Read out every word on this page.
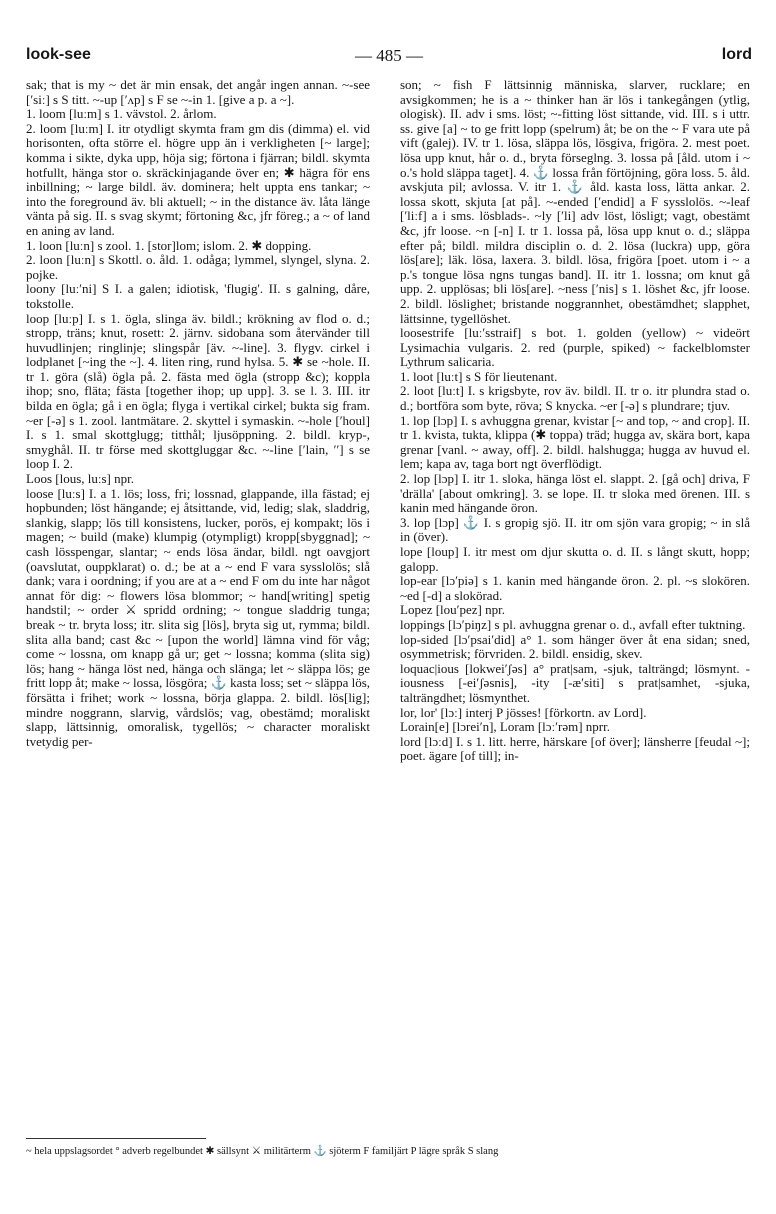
look-see	— 485 —	lord

sak; that is my ~ det är min ensak, det angår ingen annan. ~-see [ʹsiː] s S titt. ~-up [ʹʌp] s F se ~-in 1. [give a p. a ~].

1. loom [luːm] s 1. vävstol. 2. årlom.

2. loom [luːm] I. itr otydligt skymta fram gm dis (dimma) el. vid horisonten, ofta större el. högre upp än i verkligheten [~ large]; komma i sikte, dyka upp, höja sig; förtona i fjärran; bildl. skymta hotfullt, hänga stor o. skräckinjagande över en; ✱ hägra för ens inbillning; ~ large bildl. äv. dominera; helt uppta ens tankar; ~ into the foreground äv. bli aktuell; ~ in the distance äv. låta länge vänta på sig. II. s svag skymt; förtoning &c, jfr föreg.; a ~ of land en aning av land.

1. loon [luːn] s zool. 1. [stor]lom; islom. 2. ✱ dopping.

2. loon [luːn] s Skottl. o. åld. 1. odåga; lymmel, slyngel, slyna. 2. pojke.

loony [luːʹni] S I. a galen; idiotisk, 'flugig'. II. s galning, dåre, tokstolle.

loop [luːp] I. s 1. ögla, slinga äv. bildl.; krökning av flod o. d.; stropp, träns; knut, rosett: 2. järnv. sidobana som återvänder till huvudlinjen; ringlinje; slingspår [äv. ~-line]. 3. flygv. cirkel i lodplanet [~ing the ~]. 4. liten ring, rund hylsa. 5. ✱ se ~hole. II. tr 1. göra (slå) ögla på. 2. fästa med ögla (stropp &c); koppla ihop; sno, fläta; fästa [together ihop; up upp]. 3. se l. 3. III. itr bilda en ögla; gå i en ögla; flyga i vertikal cirkel; bukta sig fram. ~er [-ə] s 1. zool. lantmätare. 2. skyttel i symaskin. ~-hole [ʹhoul] I. s 1. smal skottglugg; titthål; ljusöppning. 2. bildl. kryp-, smyghål. II. tr förse med skottgluggar &c. ~-line [ʹlain, ʹʹ] s se loop I. 2.

Loos [lous, luːs] npr.

loose [luːs] I. a 1. lös; loss, fri; lossnad, glappande, illa fästad; ej hopbunden; löst hängande; ej åtsittande, vid, ledig; slak, sladdrig, slankig, slapp; lös till konsistens, lucker, porös, ej kompakt; lös i magen; ~ build (make) klumpig (otympligt) kropp[sbyggnad]; ~ cash lösspengar, slantar; ~ ends lösa ändar, bildl. ngt oavgjort (oavslutat, ouppklarat) o. d.; be at a ~ end F vara sysslolös; slå dank; vara i oordning; if you are at a ~ end F om du inte har något annat för dig: ~ flowers lösa blommor; ~ hand[writing] spetig handstil; ~ order ⚔ spridd ordning; ~ tongue sladdrig tunga; break ~ tr. bryta loss; itr. slita sig [lös], bryta sig ut, rymma; bildl. slita alla band; cast &c ~ [upon the world] lämna vind för våg; come ~ lossna, om knapp gå ur; get ~ lossna; komma (slita sig) lös; hang ~ hänga löst ned, hänga och slänga; let ~ släppa lös; ge fritt lopp åt; make ~ lossa, lösgöra; ⚓ kasta loss; set ~ släppa lös, försätta i frihet; work ~ lossna, börja glappa. 2. bildl. lös[lig]; mindre noggrann, slarvig, vårdslös; vag, obestämd; moraliskt slapp, lättsinnig, omoralisk, tygellös; ~ character moraliskt tvetydig per-

son; ~ fish F lättsinnig människa, slarver, rucklare; en avsigkommen; he is a ~ thinker han är lös i tankegången (ytlig, ologisk). II. adv i sms. löst; ~-fitting löst sittande, vid. III. s i uttr. ss. give [a] ~ to ge fritt lopp (spelrum) åt; be on the ~ F vara ute på vift (galej). IV. tr 1. lösa, släppa lös, lösgiva, frigöra. 2. mest poet. lösa upp knut, hår o. d., bryta förseglng. 3. lossa på [åld. utom i ~ o.'s hold släppa taget]. 4. ⚓ lossa från förtöjning, göra loss. 5. åld. avskjuta pil; avlossa. V. itr 1. ⚓ åld. kasta loss, lätta ankar. 2. lossa skott, skjuta [at på]. ~-ended [ʹendid] a F sysslolös. ~-leaf [ʹliːf] a i sms. lösblads-. ~ly [ʹli] adv löst, lösligt; vagt, obestämt &c, jfr loose. ~n [-n] I. tr 1. lossa på, lösa upp knut o. d.; släppa efter på; bildl. mildra disciplin o. d. 2. lösa (luckra) upp, göra lös[are]; läk. lösa, laxera. 3. bildl. lösa, frigöra [poet. utom i ~ a p.'s tongue lösa ngns tungas band]. II. itr 1. lossna; om knut gå upp. 2. upplösas; bli lös[are]. ~ness [ʹnis] s 1. löshet &c, jfr loose. 2. bildl. löslighet; bristande noggrannhet, obestämdhet; slapphet, lättsinne, tygellöshet.

loosestrife [luːʹsstraif] s bot. 1. golden (yellow) ~ videört Lysimachia vulgaris. 2. red (purple, spiked) ~ fackelblomster Lythrum salicaria.

1. loot [luːt] s S för lieutenant.

2. loot [luːt] I. s krigsbyte, rov äv. bildl. II. tr o. itr plundra stad o. d.; bortföra som byte, röva; S knycka. ~er [-ə] s plundrare; tjuv.

1. lop [lɔp] I. s avhuggna grenar, kvistar [~ and top, ~ and crop]. II. tr 1. kvista, tukta, klippa (✱ toppa) träd; hugga av, skära bort, kapa grenar [vanl. ~ away, off]. 2. bildl. halshugga; hugga av huvud el. lem; kapa av, taga bort ngt överflödigt.

2. lop [lɔp] I. itr 1. sloka, hänga löst el. slappt. 2. [gå och] driva, F 'drälla' [about omkring]. 3. se lope. II. tr sloka med örenen. III. s kanin med hängande öron.

3. lop [lɔp] ⚓ I. s gropig sjö. II. itr om sjön vara gropig; ~ in slå in (över).

lope [loup] I. itr mest om djur skutta o. d. II. s långt skutt, hopp; galopp.

lop-ear [lɔʹpiə] s 1. kanin med hängande öron. 2. pl. ~s slokören. ~ed [-d] a slokörad.

Lopez [louʹpez] npr.

loppings [lɔʹpiŋz] s pl. avhuggna grenar o. d., avfall efter tuktning.

lop-sided [lɔʹpsaiʹdid] a° 1. som hänger över åt ena sidan; sned, osymmetrisk; förvriden. 2. bildl. ensidig, skev.

loquac|ious [lokweiʹʃəs] a° prat|sam, -sjuk, talträngd; lösmynt. -iousness [-eiʹʃəsnis], -ity [-æʹsiti] s prat|samhet, -sjuka, talträngdhet; lösmynthet.

lor, lor' [lɔː] interj P jösses! [förkortn. av Lord].

Lorain[e] [lɔreiʹn], Loram [lɔːʹrəm] nprr.

lord [lɔːd] I. s 1. litt. herre, härskare [of över]; länsherre [feudal ~]; poet. ägare [of till]; in-

~ hela uppslagsordet ° adverb regelbundet ✱ sällsynt ⚔ militärterm ⚓ sjöterm F familjärt P lägre språk S slang
